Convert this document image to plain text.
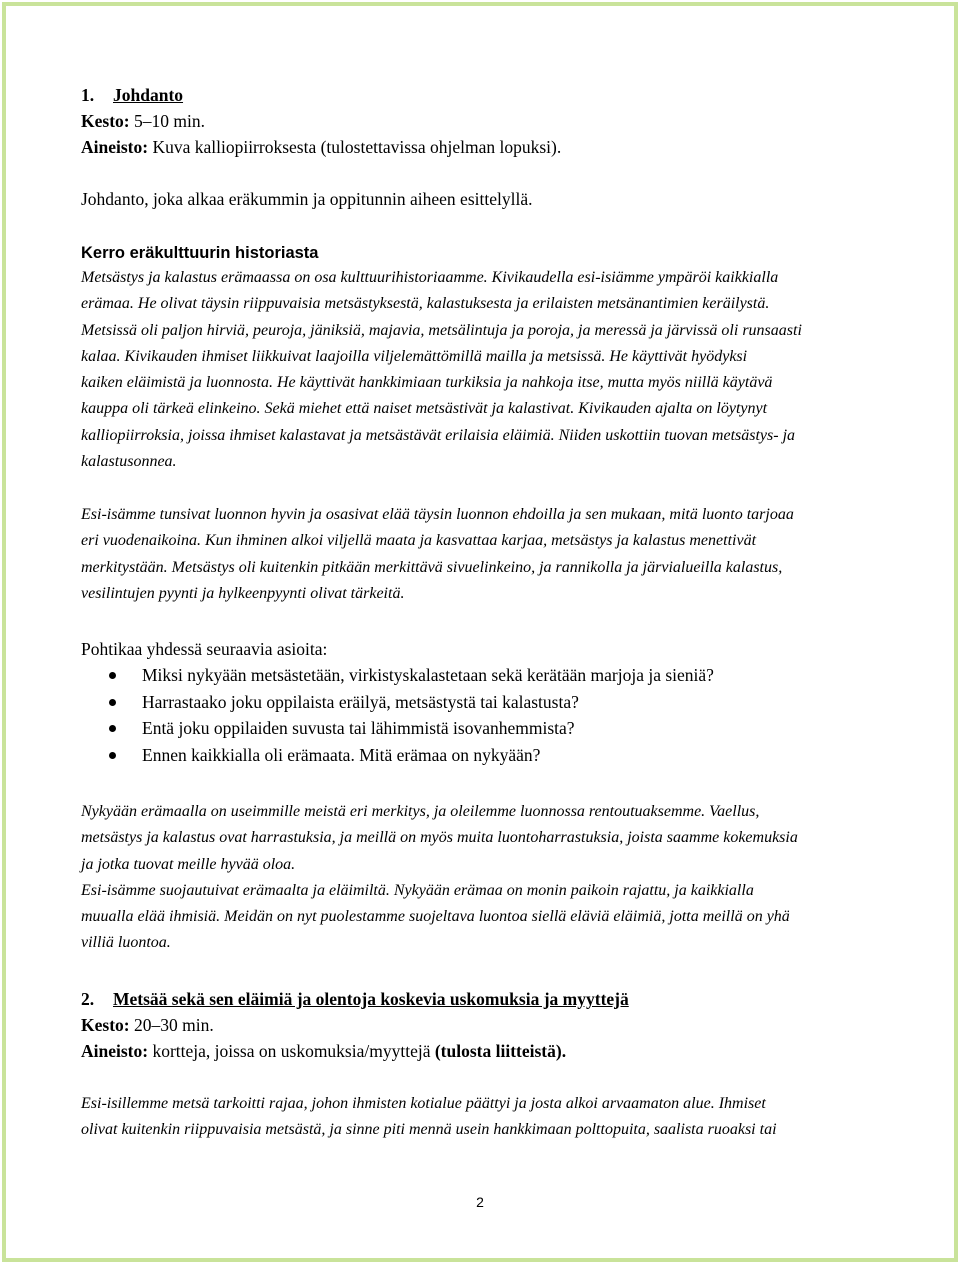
1. Johdanto
Kesto: 5–10 min.
Aineisto: Kuva kalliopiirroksesta (tulostettavissa ohjelman lopuksi).
Johdanto, joka alkaa eräkummin ja oppitunnin aiheen esittelyllä.
Kerro eräkulttuurin historiasta
Metsästys ja kalastus erämaassa on osa kulttuurihistoriaamme. Kivikaudella esi-isiämme ympäröi kaikkialla
erämaa. He olivat täysin riippuvaisia metsästyksestä, kalastuksesta ja erilaisten metsänantimien keräilystä.
Metsissä oli paljon hirviä, peuroja, jäniksiä, majavia, metsälintuja ja poroja, ja meressä ja järvissä oli runsaasti
kalaa. Kivikauden ihmiset liikkuivat laajoilla viljelemättömillä mailla ja metsissä. He käyttivät hyödyksi
kaiken eläimistä ja luonnosta. He käyttivät hankkimiaan turkiksia ja nahkoja itse, mutta myös niillä käytävä
kauppa oli tärkeä elinkeino. Sekä miehet että naiset metsästivät ja kalastivat. Kivikauden ajalta on löytynyt
kalliopiirroksia, joissa ihmiset kalastavat ja metsästävät erilaisia eläimiä. Niiden uskottiin tuovan metsästys- ja
kalastusonnea.
Esi-isämme tunsivat luonnon hyvin ja osasivat elää täysin luonnon ehdoilla ja sen mukaan, mitä luonto tarjoaa
eri vuodenaikoina. Kun ihminen alkoi viljellä maata ja kasvattaa karjaa, metsästys ja kalastus menettivät
merkitystään. Metsästys oli kuitenkin pitkään merkittävä sivuelinkeino, ja rannikolla ja järvialueilla kalastus,
vesilintujen pyynti ja hylkeenpyynti olivat tärkeitä.
Pohtikaa yhdessä seuraavia asioita:
Miksi nykyään metsästetään, virkistyskalastetaan sekä kerätään marjoja ja sieniä?
Harrastaako joku oppilaista eräilyä, metsästystä tai kalastusta?
Entä joku oppilaiden suvusta tai lähimmistä isovanhemmista?
Ennen kaikkialla oli erämaata. Mitä erämaa on nykyään?
Nykyään erämaalla on useimmille meistä eri merkitys, ja oleilemme luonnossa rentoutuaksemme. Vaellus,
metsästys ja kalastus ovat harrastuksia, ja meillä on myös muita luontoharrastuksia, joista saamme kokemuksia
ja jotka tuovat meille hyvää oloa.
Esi-isämme suojautuivat erämaalta ja eläimiltä. Nykyään erämaa on monin paikoin rajattu, ja kaikkialla
muualla elää ihmisiä. Meidän on nyt puolestamme suojeltava luontoa siellä eläviä eläimiä, jotta meillä on yhä
villiä luontoa.
2. Metsää sekä sen eläimiä ja olentoja koskevia uskomuksia ja myyttejä
Kesto: 20–30 min.
Aineisto: kortteja, joissa on uskomuksia/myyttejä (tulosta liitteistä).
Esi-isillemme metsä tarkoitti rajaa, johon ihmisten kotialue päättyi ja josta alkoi arvaamaton alue. Ihmiset
olivat kuitenkin riippuvaisia metsästä, ja sinne piti mennä usein hankkimaan polttopuita, saalista ruoaksi tai
2
